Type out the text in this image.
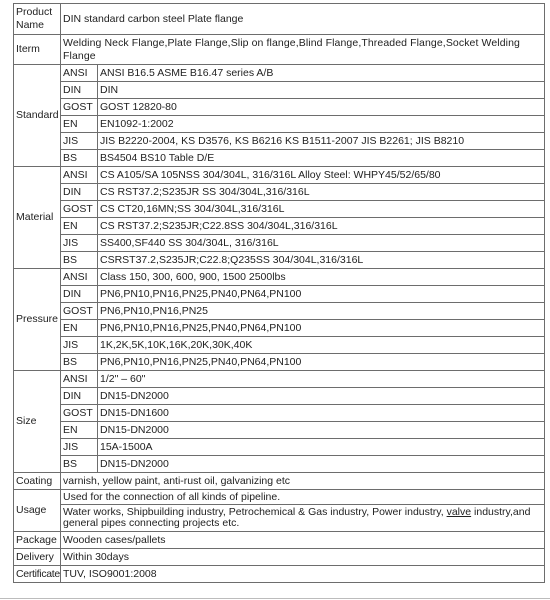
Product Name	DIN standard carbon steel Plate flange	
Iterm	Welding Neck Flange,Plate Flange,Slip on flange,Blind Flange,Threaded Flange,Socket Welding Flange	
Standard	ANSI	ANSI B16.5 ASME B16.47 series A/B
	DIN	DIN
	GOST	GOST 12820-80
	EN	EN1092-1:2002
	JIS	JIS B2220-2004, KS D3576, KS B6216 KS B1511-2007 JIS B2261; JIS B8210
	BS	BS4504 BS10 Table D/E
Material	ANSI	CS A105/SA 105NSS 304/304L, 316/316L Alloy Steel: WHPY45/52/65/80
	DIN	CS RST37.2;S235JR SS 304/304L,316/316L
	GOST	CS CT20,16MN;SS 304/304L,316/316L
	EN	CS RST37.2;S235JR;C22.8SS 304/304L,316/316L
	JIS	SS400,SF440 SS 304/304L, 316/316L
	BS	CSRST37.2,S235JR;C22.8;Q235SS 304/304L,316/316L
Pressure	ANSI	Class 150, 300, 600, 900, 1500 2500lbs
	DIN	PN6,PN10,PN16,PN25,PN40,PN64,PN100
	GOST	PN6,PN10,PN16,PN25
	EN	PN6,PN10,PN16,PN25,PN40,PN64,PN100
	JIS	1K,2K,5K,10K,16K,20K,30K,40K
	BS	PN6,PN10,PN16,PN25,PN40,PN64,PN100
Size	ANSI	1/2" – 60"
	DIN	DN15-DN2000
	GOST	DN15-DN1600
	EN	DN15-DN2000
	JIS	15A-1500A
	BS	DN15-DN2000
Coating	varnish, yellow paint, anti-rust oil, galvanizing etc	
Usage	Used for the connection of all kinds of pipeline.	
	Water works, Shipbuilding industry, Petrochemical & Gas industry, Power industry, valve industry,and general pipes connecting projects etc.	
Package	Wooden cases/pallets	
Delivery	Within 30days	
Certificate	TUV, ISO9001:2008	
